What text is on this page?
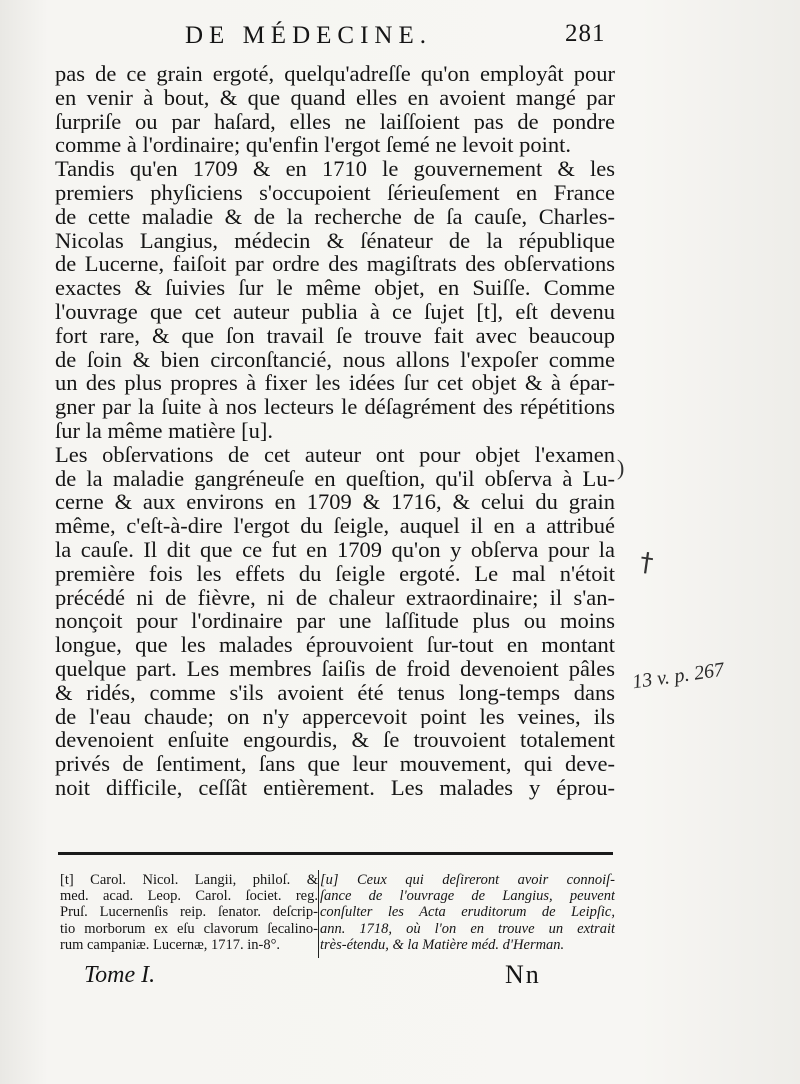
DE MÉDECINE.	281
pas de ce grain ergoté, quelqu'adreſſe qu'on employât pour
en venir à bout, & que quand elles en avoient mangé par
ſurpriſe ou par haſard, elles ne laiſſoient pas de pondre
comme à l'ordinaire; qu'enfin l'ergot ſemé ne levoit point.
Tandis qu'en 1709 & en 1710 le gouvernement & les
premiers phyſiciens s'occupoient ſérieuſement en France
de cette maladie & de la recherche de ſa cauſe, Charles-
Nicolas Langius, médecin & ſénateur de la république
de Lucerne, faiſoit par ordre des magiſtrats des obſervations
exactes & ſuivies ſur le même objet, en Suiſſe. Comme
l'ouvrage que cet auteur publia à ce ſujet [t], eſt devenu
fort rare, & que ſon travail ſe trouve fait avec beaucoup
de ſoin & bien circonſtancié, nous allons l'expoſer comme
un des plus propres à fixer les idées ſur cet objet & à épar-
gner par la ſuite à nos lecteurs le déſagrément des répétitions
ſur la même matière [u].
Les obſervations de cet auteur ont pour objet l'examen
de la maladie gangréneuſe en queſtion, qu'il obſerva à Lu-
cerne & aux environs en 1709 & 1716, & celui du grain
même, c'eſt-à-dire l'ergot du ſeigle, auquel il en a attribué
la cauſe. Il dit que ce fut en 1709 qu'on y obſerva pour la
première fois les effets du ſeigle ergoté. Le mal n'étoit
précédé ni de fièvre, ni de chaleur extraordinaire; il s'an-
nonçoit pour l'ordinaire par une laſſitude plus ou moins
longue, que les malades éprouvoient ſur-tout en montant
quelque part. Les membres ſaiſis de froid devenoient pâles
& ridés, comme s'ils avoient été tenus long-temps dans
de l'eau chaude; on n'y appercevoit point les veines, ils
devenoient enſuite engourdis, & ſe trouvoient totalement
privés de ſentiment, ſans que leur mouvement, qui deve-
noit difficile, ceſſât entièrement. Les malades y éprou-
)
†
13 v. p. 267
[t] Carol. Nicol. Langii, philoſ. &
med. acad. Leop. Carol. ſociet. reg.
Pruſ. Lucernenſis reip. ſenator. deſcrip-
tio morborum ex eſu clavorum ſecalino-
rum campaniæ. Lucernæ, 1717. in-8°.
[u] Ceux qui deſireront avoir connoiſ-
ſance de l'ouvrage de Langius, peuvent
conſulter les Acta eruditorum de Leipſic,
ann. 1718, où l'on en trouve un extrait
très-étendu, & la Matière méd. d'Herman.
Tome I.	Nn
